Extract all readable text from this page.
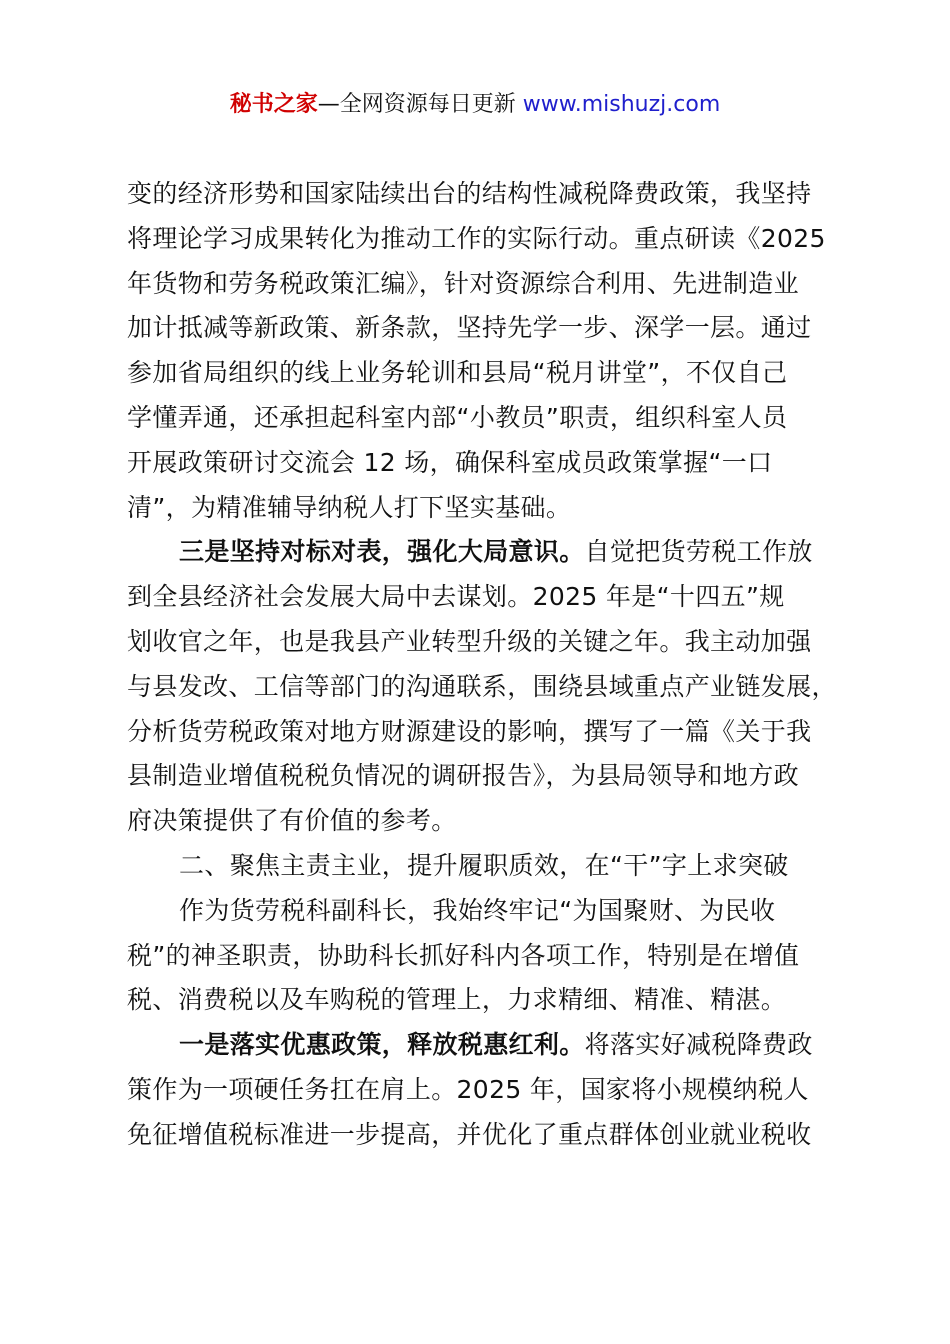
秘书之家—全网资源每日更新 www.mishuzj.com
变的经济形势和国家陆续出台的结构性减税降费政策，我坚持
将理论学习成果转化为推动工作的实际行动。重点研读《2025
年货物和劳务税政策汇编》，针对资源综合利用、先进制造业
加计抵减等新政策、新条款，坚持先学一步、深学一层。通过
参加省局组织的线上业务轮训和县局“税月讲堂”，不仅自己
学懂弄通，还承担起科室内部“小教员”职责，组织科室人员
开展政策研讨交流会 12 场，确保科室成员政策掌握“一口
清”，为精准辅导纳税人打下坚实基础。
三是坚持对标对表，强化大局意识。自觉把货劳税工作放
到全县经济社会发展大局中去谋划。2025 年是“十四五”规
划收官之年，也是我县产业转型升级的关键之年。我主动加强
与县发改、工信等部门的沟通联系，围绕县域重点产业链发展，
分析货劳税政策对地方财源建设的影响，撰写了一篇《关于我
县制造业增值税税负情况的调研报告》，为县局领导和地方政
府决策提供了有价值的参考。
二、聚焦主责主业，提升履职质效，在“干”字上求突破
作为货劳税科副科长，我始终牢记“为国聚财、为民收
税”的神圣职责，协助科长抓好科内各项工作，特别是在增值
税、消费税以及车购税的管理上，力求精细、精准、精湛。
一是落实优惠政策，释放税惠红利。将落实好减税降费政
策作为一项硬任务扛在肩上。2025 年，国家将小规模纳税人
免征增值税标准进一步提高，并优化了重点群体创业就业税收
